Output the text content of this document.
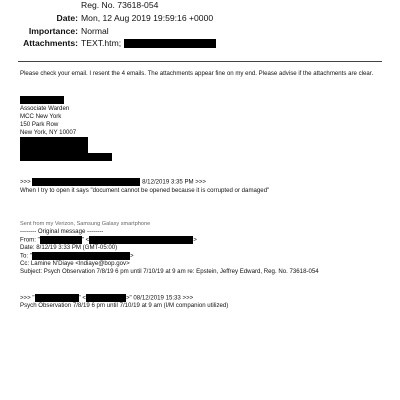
Reg. No. 73618-054
Date: Mon, 12 Aug 2019 19:59:16 +0000
Importance: Normal
Attachments: TEXT.htm;
Please check your email. I resent the 4 emails. The attachments appear fine on my end. Please advise if the attachments are clear.
Associate Warden
MCC New York
150 Park Row
New York, NY 10007
>>>	8/12/2019 3:35 PM >>>
When I try to open it says "document cannot be opened because it is corrupted or damaged"
Sent from my Verizon, Samsung Galaxy smartphone
-------- Original message --------
From: "	" <	>
Date: 8/12/19 3:33 PM (GMT-05:00)
To: "	>
Cc: Lamine N'Diaye <lndiaye@bop.gov>
Subject: Psych Observation 7/8/19 6 pm until 7/10/19 at 9 am re: Epstein, Jeffrey Edward, Reg. No. 73618-054
>>> "	" <	>" 08/12/2019 15:33 >>>
Psych Observation 7/8/19 6 pm until 7/10/19 at 9 am (I/M companion utilized)
